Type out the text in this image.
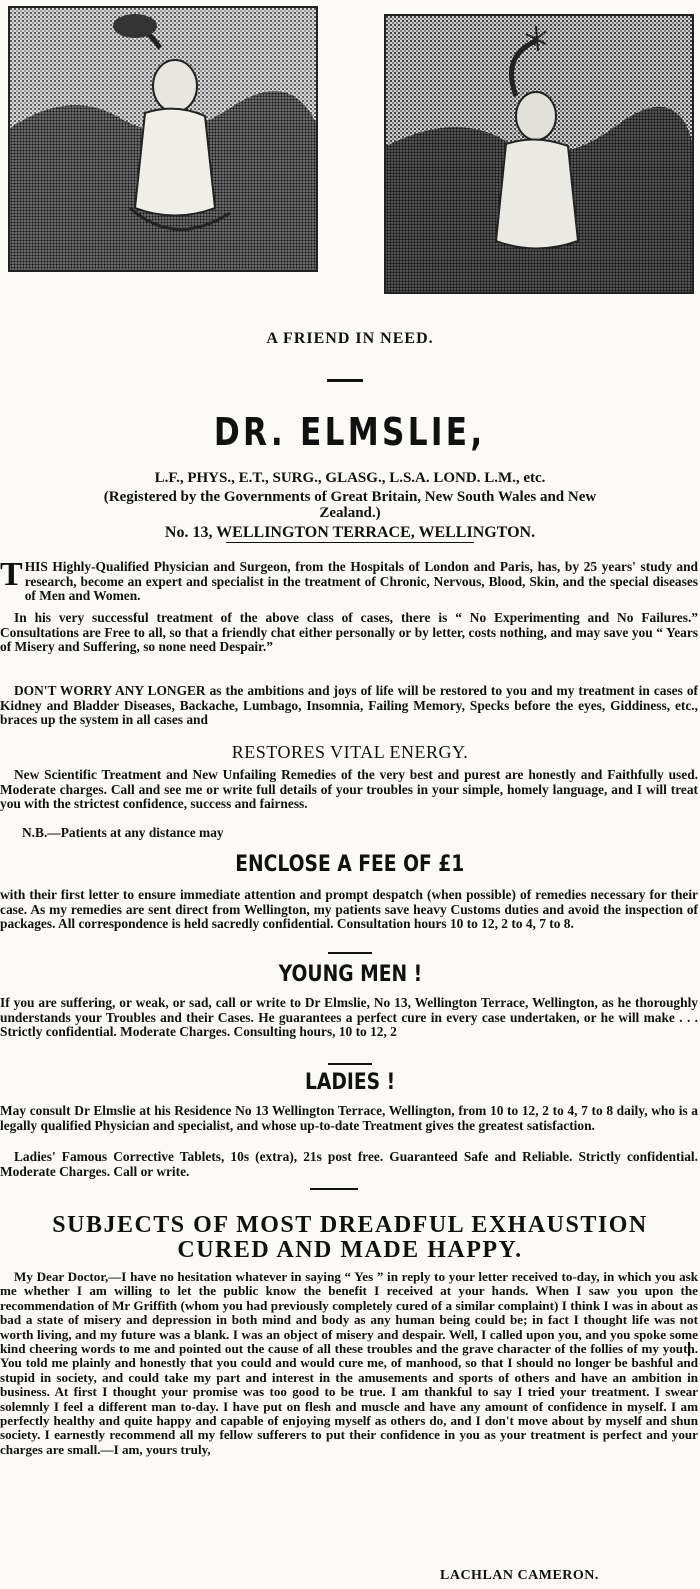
A FRIEND IN NEED.
DR. ELMSLIE,
L.F., PHYS., E.T., SURG., GLASG., L.S.A. LOND. L.M., etc.
(Registered by the Governments of Great Britain, New South Wales and New
Zealand.)
No. 13, WELLINGTON TERRACE, WELLINGTON.
T HIS Highly-Qualified Physician and Surgeon, from the Hospitals of London and Paris, has, by 25 years' study and research, become an expert and specialist in the treatment of Chronic, Nervous, Blood, Skin, and the special diseases of Men and Women.
In his very successful treatment of the above class of cases, there is “ No Experimenting and No Failures.” Consultations are Free to all, so that a friendly chat either personally or by letter, costs nothing, and may save you “ Years of Misery and Suffering, so none need Despair.”
DON'T WORRY ANY LONGER as the ambitions and joys of life will be restored to you and my treatment in cases of Kidney and Bladder Diseases, Backache, Lumbago, Insomnia, Failing Memory, Specks before the eyes, Giddiness, etc., braces up the system in all cases and
RESTORES VITAL ENERGY.
New Scientific Treatment and New Unfailing Remedies of the very best and purest are honestly and Faithfully used. Moderate charges. Call and see me or write full details of your troubles in your simple, homely language, and I will treat you with the strictest confidence, success and fairness.
N.B.—Patients at any distance may
ENCLOSE A FEE OF £1
with their first letter to ensure immediate attention and prompt despatch (when possible) of remedies necessary for their case. As my remedies are sent direct from Wellington, my patients save heavy Customs duties and avoid the inspection of packages. All correspondence is held sacredly confidential. Consultation hours 10 to 12, 2 to 4, 7 to 8.
YOUNG MEN !
If you are suffering, or weak, or sad, call or write to Dr Elmslie, No 13, Wellington Terrace, Wellington, as he thoroughly understands your Troubles and their Cases. He guarantees a perfect cure in every case undertaken, or he will make . . . Strictly confidential. Moderate Charges. Consulting hours, 10 to 12, 2
LADIES !
May consult Dr Elmslie at his Residence No 13 Wellington Terrace, Wellington, from 10 to 12, 2 to 4, 7 to 8 daily, who is a legally qualified Physician and specialist, and whose up-to-date Treatment gives the greatest satisfaction.
Ladies' Famous Corrective Tablets, 10s (extra), 21s post free. Guaranteed Safe and Reliable. Strictly confidential. Moderate Charges. Call or write.
SUBJECTS OF MOST DREADFUL EXHAUSTION
CURED AND MADE HAPPY.
My Dear Doctor,—I have no hesitation whatever in saying “ Yes ” in reply to your letter received to-day, in which you ask me whether I am willing to let the public know the benefit I received at your hands. When I saw you upon the recommendation of Mr Griffith (whom you had previously completely cured of a similar complaint) I think I was in about as bad a state of misery and depression in both mind and body as any human being could be; in fact I thought life was not worth living, and my future was a blank. I was an object of misery and despair. Well, I called upon you, and you spoke some kind cheering words to me and pointed out the cause of all these troubles and the grave character of the follies of my youth. You told me plainly and honestly that you could and would cure me, of manhood, so that I should no longer be bashful and stupid in society, and could take my part and interest in the amusements and sports of others and have an ambition in business. At first I thought your promise was too good to be true. I am thankful to say I tried your treatment. I swear solemnly I feel a different man to-day. I have put on flesh and muscle and have any amount of confidence in myself. I am perfectly healthy and quite happy and capable of enjoying myself as others do, and I don't move about by myself and shun society. I earnestly recommend all my fellow sufferers to put their confidence in you as your treatment is perfect and your charges are small.—I am, yours truly,
LACHLAN CAMERON.
